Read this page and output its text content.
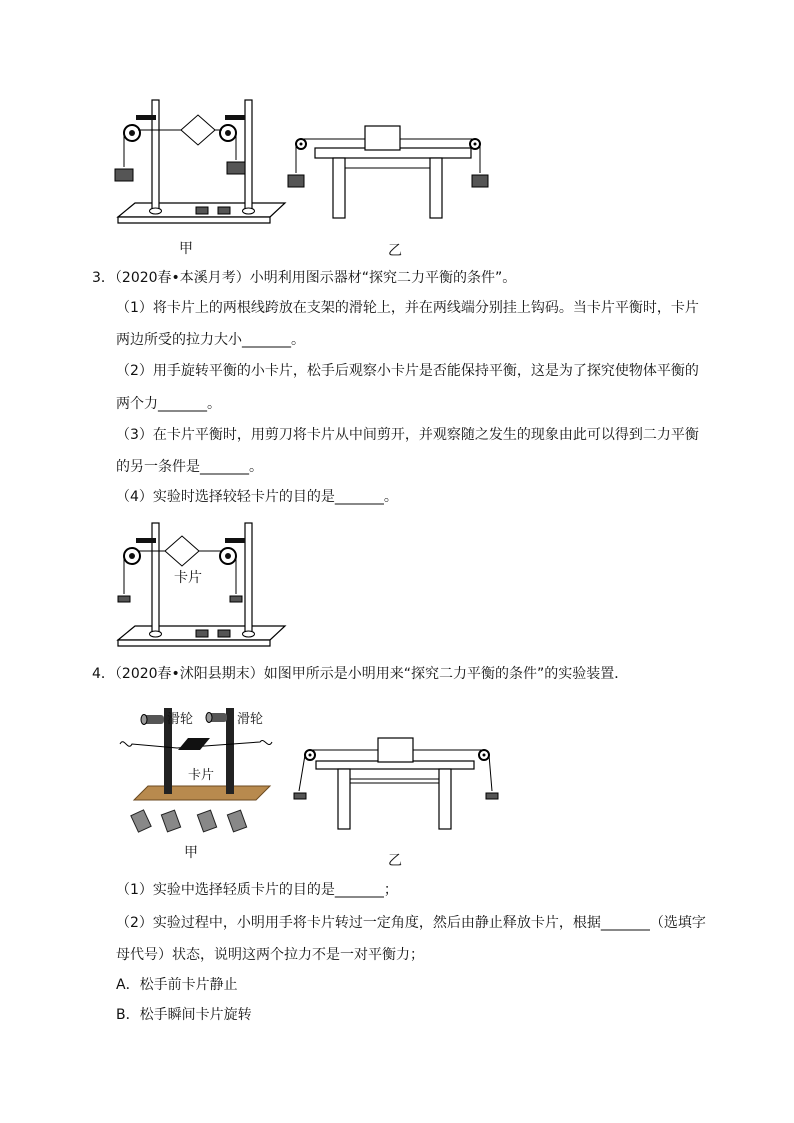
甲	乙
3．（2020春•本溪月考）小明利用图示器材“探究二力平衡的条件”。
（1）将卡片上的两根线跨放在支架的滑轮上，并在两线端分别挂上钩码。当卡片平衡时，卡片
两边所受的拉力大小_______。
（2）用手旋转平衡的小卡片，松手后观察小卡片是否能保持平衡，这是为了探究使物体平衡的
两个力_______。
（3）在卡片平衡时，用剪刀将卡片从中间剪开，并观察随之发生的现象由此可以得到二力平衡
的另一条件是_______。
（4）实验时选择较轻卡片的目的是_______。
卡片
4．（2020春•沭阳县期末）如图甲所示是小明用来“探究二力平衡的条件”的实验装置．
滑轮	滑轮
卡片
甲	乙
（1）实验中选择轻质卡片的目的是_______；
（2）实验过程中，小明用手将卡片转过一定角度，然后由静止释放卡片，根据_______（选填字
母代号）状态，说明这两个拉力不是一对平衡力；
A．松手前卡片静止
B．松手瞬间卡片旋转
